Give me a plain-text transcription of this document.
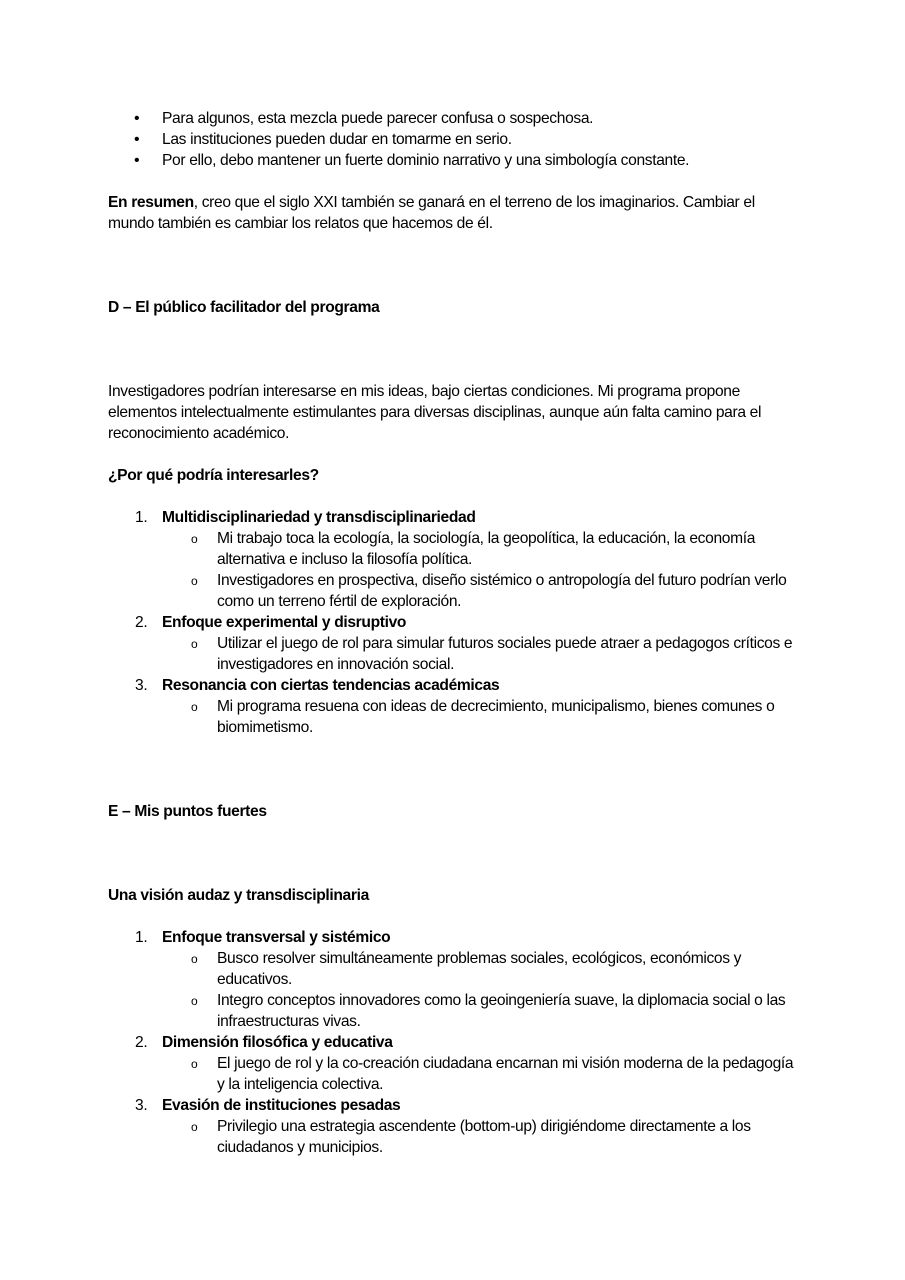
• Para algunos, esta mezcla puede parecer confusa o sospechosa.
• Las instituciones pueden dudar en tomarme en serio.
• Por ello, debo mantener un fuerte dominio narrativo y una simbología constante.

En resumen, creo que el siglo XXI también se ganará en el terreno de los imaginarios. Cambiar el mundo también es cambiar los relatos que hacemos de él.

D – El público facilitador del programa

Investigadores podrían interesarse en mis ideas, bajo ciertas condiciones. Mi programa propone elementos intelectualmente estimulantes para diversas disciplinas, aunque aún falta camino para el reconocimiento académico.

¿Por qué podría interesarles?

1. Multidisciplinariedad y transdisciplinariedad
o Mi trabajo toca la ecología, la sociología, la geopolítica, la educación, la economía alternativa e incluso la filosofía política.
o Investigadores en prospectiva, diseño sistémico o antropología del futuro podrían verlo como un terreno fértil de exploración.
2. Enfoque experimental y disruptivo
o Utilizar el juego de rol para simular futuros sociales puede atraer a pedagogos críticos e investigadores en innovación social.
3. Resonancia con ciertas tendencias académicas
o Mi programa resuena con ideas de decrecimiento, municipalismo, bienes comunes o biomimetismo.

E – Mis puntos fuertes

Una visión audaz y transdisciplinaria

1. Enfoque transversal y sistémico
o Busco resolver simultáneamente problemas sociales, ecológicos, económicos y educativos.
o Integro conceptos innovadores como la geoingeniería suave, la diplomacia social o las infraestructuras vivas.
2. Dimensión filosófica y educativa
o El juego de rol y la co-creación ciudadana encarnan mi visión moderna de la pedagogía y la inteligencia colectiva.
3. Evasión de instituciones pesadas
o Privilegio una estrategia ascendente (bottom-up) dirigiéndome directamente a los ciudadanos y municipios.
